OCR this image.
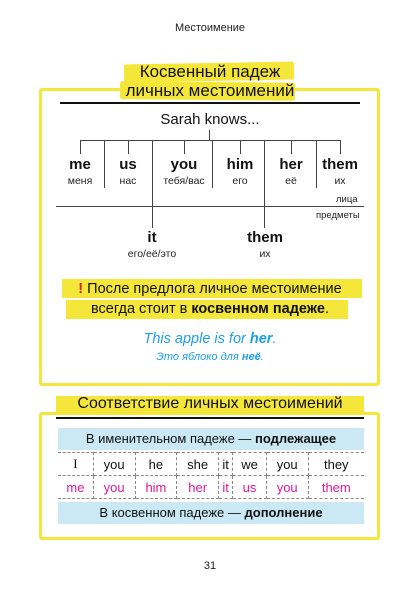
Местоимение
Косвенный падеж
личных местоимений
Sarah knows...
me
меня
us
нас
you
тебя/вас
him
его
her
её
them
их
лица
предметы
it
его/её/это
them
их
! После предлога личное местоимение
всегда стоит в косвенном падеже.
This apple is for her.
Это яблоко для неё.
Соответствие личных местоимений
В именительном падеже — подлежащее
I	you	he	she	it	we	you	they
me	you	him	her	it	us	you	them
В косвенном падеже — дополнение
31
